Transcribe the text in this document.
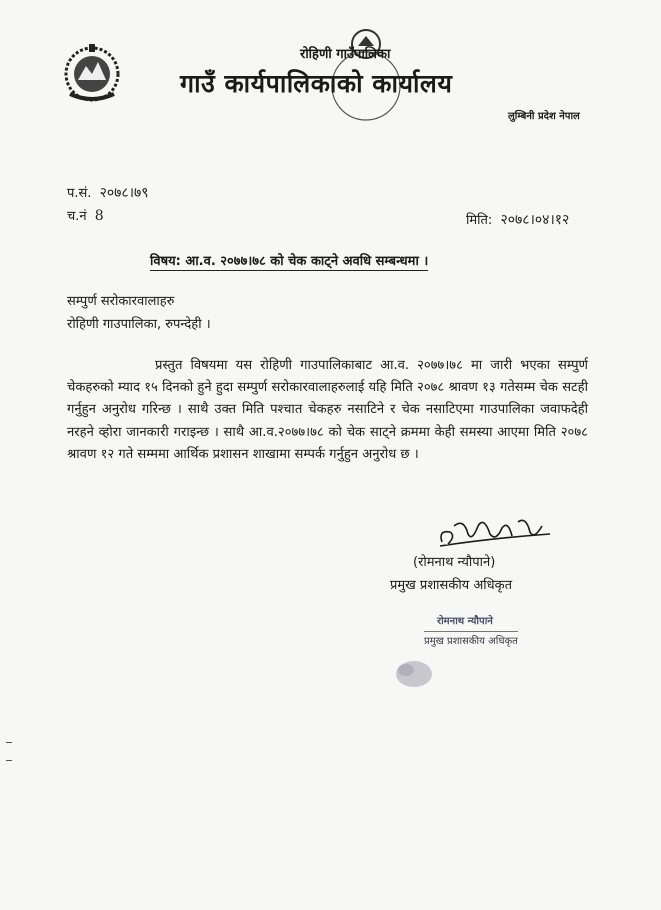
रोहिणी गाउँपालिका
गाउँ कार्यपालिकाको कार्यालय
लुम्बिनी प्रदेश नेपाल
प.सं. २०७८।७९
च.नं 8	मिति: २०७८।०४।१२
विषय: आ.व. २०७७।७८ को चेक काट्ने अवधि सम्बन्धमा ।
सम्पुर्ण सरोकारवालाहरु
रोहिणी गाउपालिका, रुपन्देही ।

प्रस्तुत विषयमा यस रोहिणी गाउपालिकाबाट आ.व. २०७७।७८ मा जारी भएका सम्पुर्ण चेकहरुको म्याद १५ दिनको हुने हुदा सम्पुर्ण सरोकारवालाहरुलाई यहि मिति २०७८ श्रावण १३ गतेसम्म चेक सटही गर्नुहुन अनुरोध गरिन्छ । साथै उक्त मिति पश्चात चेकहरु नसाटिने र चेक नसाटिएमा गाउपालिका जवाफदेही नरहने व्होरा जानकारी गराइन्छ । साथै आ.व.२०७७।७८ को चेक साट्ने क्रममा केही समस्या आएमा मिति २०७८ श्रावण १२ गते सम्ममा आर्थिक प्रशासन शाखामा सम्पर्क गर्नुहुन अनुरोध छ ।

(रोमनाथ न्यौपाने)
प्रमुख प्रशासकीय अधिकृत
रोमनाथ न्यौपाने
प्रमुख प्रशासकीय अधिकृत
